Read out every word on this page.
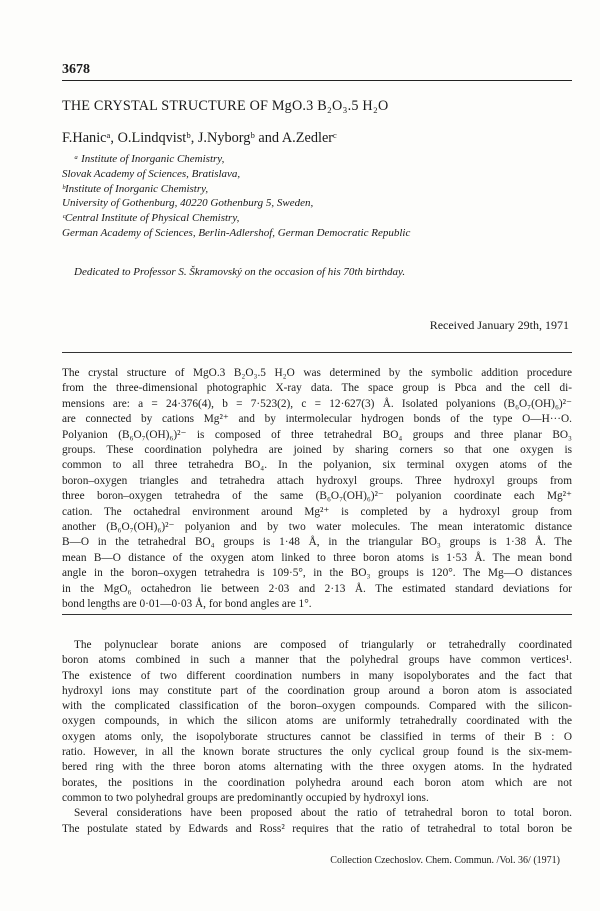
3678
THE CRYSTAL STRUCTURE OF MgO.3 B₂O₃.5 H₂O
F.Hanicᵃ, O.Lindqvistᵇ, J.Nyborgᵇ and A.Zedlerᶜ
ᵃ Institute of Inorganic Chemistry,
Slovak Academy of Sciences, Bratislava,
ᵇInstitute of Inorganic Chemistry,
University of Gothenburg, 40220 Gothenburg 5, Sweden,
ᶜCentral Institute of Physical Chemistry,
German Academy of Sciences, Berlin-Adlershof, German Democratic Republic
Dedicated to Professor S. Škramovský on the occasion of his 70th birthday.
Received January 29th, 1971
The crystal structure of MgO.3 B₂O₃.5 H₂O was determined by the symbolic addition procedure
from the three-dimensional photographic X-ray data. The space group is Pbca and the cell di-
mensions are: a = 24·376(4), b = 7·523(2), c = 12·627(3) Å. Isolated polyanions (B₆O₇(OH)₆)²⁻
are connected by cations Mg²⁺ and by intermolecular hydrogen bonds of the type O—H···O.
Polyanion (B₆O₇(OH)₆)²⁻ is composed of three tetrahedral BO₄ groups and three planar BO₃
groups. These coordination polyhedra are joined by sharing corners so that one oxygen is
common to all three tetrahedra BO₄. In the polyanion, six terminal oxygen atoms of the
boron–oxygen triangles and tetrahedra attach hydroxyl groups. Three hydroxyl groups from
three boron–oxygen tetrahedra of the same (B₆O₇(OH)₆)²⁻ polyanion coordinate each Mg²⁺
cation. The octahedral environment around Mg²⁺ is completed by a hydroxyl group from
another (B₆O₇(OH)₆)²⁻ polyanion and by two water molecules. The mean interatomic distance
B—O in the tetrahedral BO₄ groups is 1·48 Å, in the triangular BO₃ groups is 1·38 Å. The
mean B—O distance of the oxygen atom linked to three boron atoms is 1·53 Å. The mean bond
angle in the boron–oxygen tetrahedra is 109·5°, in the BO₃ groups is 120°. The Mg—O distances
in the MgO₆ octahedron lie between 2·03 and 2·13 Å. The estimated standard deviations for
bond lengths are 0·01—0·03 Å, for bond angles are 1°.
The polynuclear borate anions are composed of triangularly or tetrahedrally coordinated
boron atoms combined in such a manner that the polyhedral groups have common vertices¹.
The existence of two different coordination numbers in many isopolyborates and the fact that
hydroxyl ions may constitute part of the coordination group around a boron atom is associated
with the complicated classification of the boron–oxygen compounds. Compared with the silicon-
oxygen compounds, in which the silicon atoms are uniformly tetrahedrally coordinated with the
oxygen atoms only, the isopolyborate structures cannot be classified in terms of their B : O
ratio. However, in all the known borate structures the only cyclical group found is the six-mem-
bered ring with the three boron atoms alternating with the three oxygen atoms. In the hydrated
borates, the positions in the coordination polyhedra around each boron atom which are not
common to two polyhedral groups are predominantly occupied by hydroxyl ions.
Several considerations have been proposed about the ratio of tetrahedral boron to total boron.
The postulate stated by Edwards and Ross² requires that the ratio of tetrahedral to total boron be
Collection Czechoslov. Chem. Commun. /Vol. 36/ (1971)
